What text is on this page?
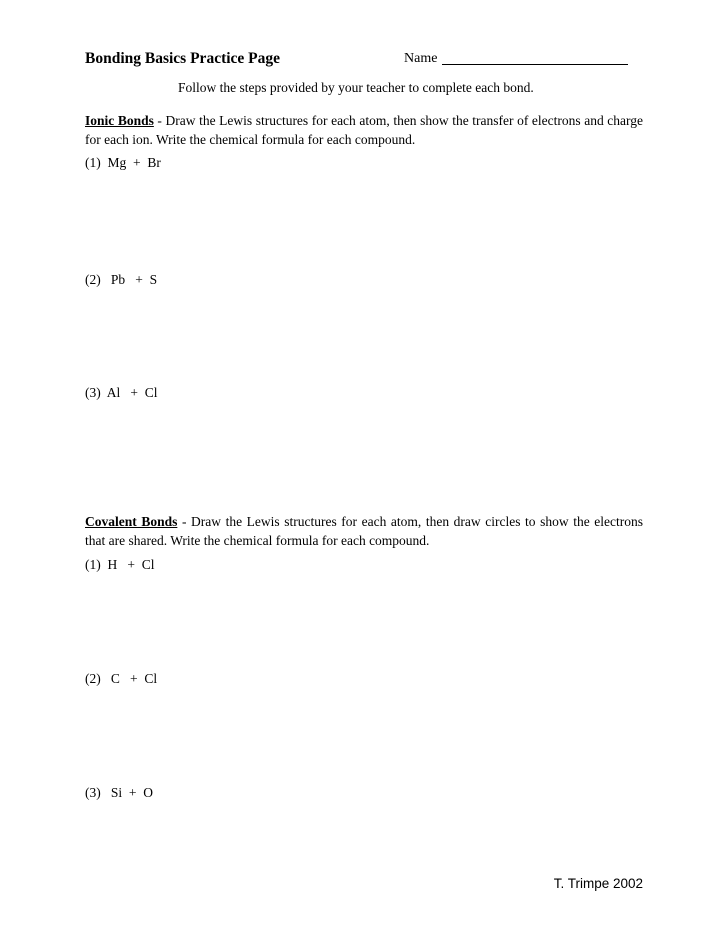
Bonding Basics Practice Page	Name
Follow the steps provided by your teacher to complete each bond.
Ionic Bonds - Draw the Lewis structures for each atom, then show the transfer of electrons and charge for each ion. Write the chemical formula for each compound.
(1)  Mg  +  Br
(2)   Pb   +  S
(3)  Al   +  Cl
Covalent Bonds - Draw the Lewis structures for each atom, then draw circles to show the electrons that are shared. Write the chemical formula for each compound.
(1)  H   +  Cl
(2)   C   +  Cl
(3)   Si  +  O
T. Trimpe 2002
